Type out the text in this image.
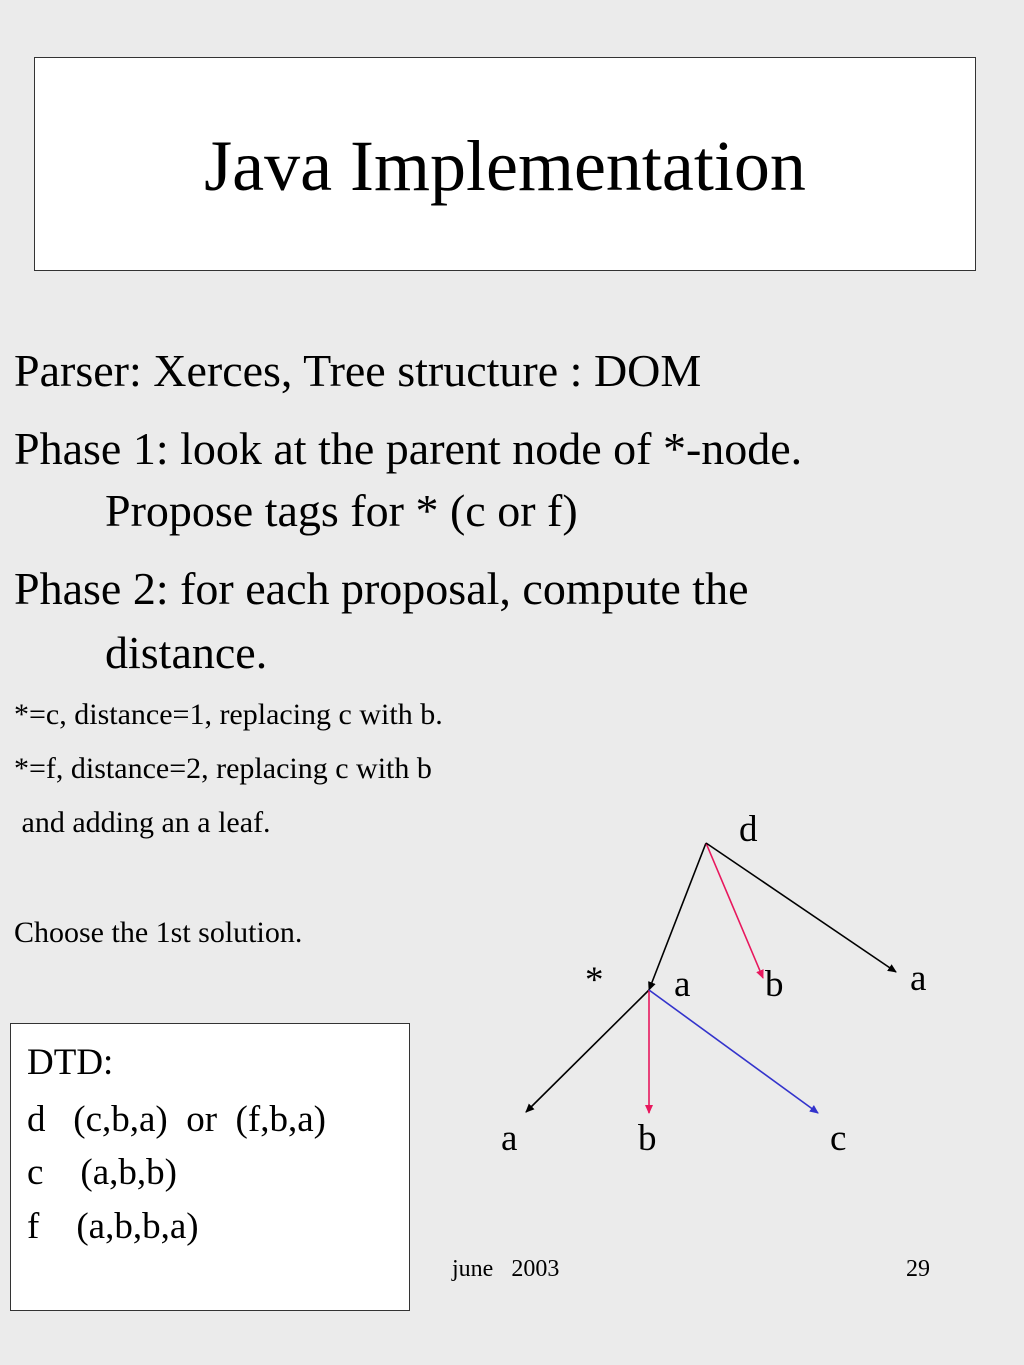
Java Implementation
Parser: Xerces, Tree structure : DOM
Phase 1: look at the parent node of *-node.
Propose tags for * (c or f)
Phase 2: for each proposal, compute the
distance.
*=c, distance=1, replacing c with b.
*=f, distance=2, replacing c with b
and adding an a leaf.
Choose the 1st solution.
DTD:
d   (c,b,a)  or  (f,b,a)
c    (a,b,b)
f    (a,b,b,a)
d
* a b	a
a	b	c
june   2003	29
